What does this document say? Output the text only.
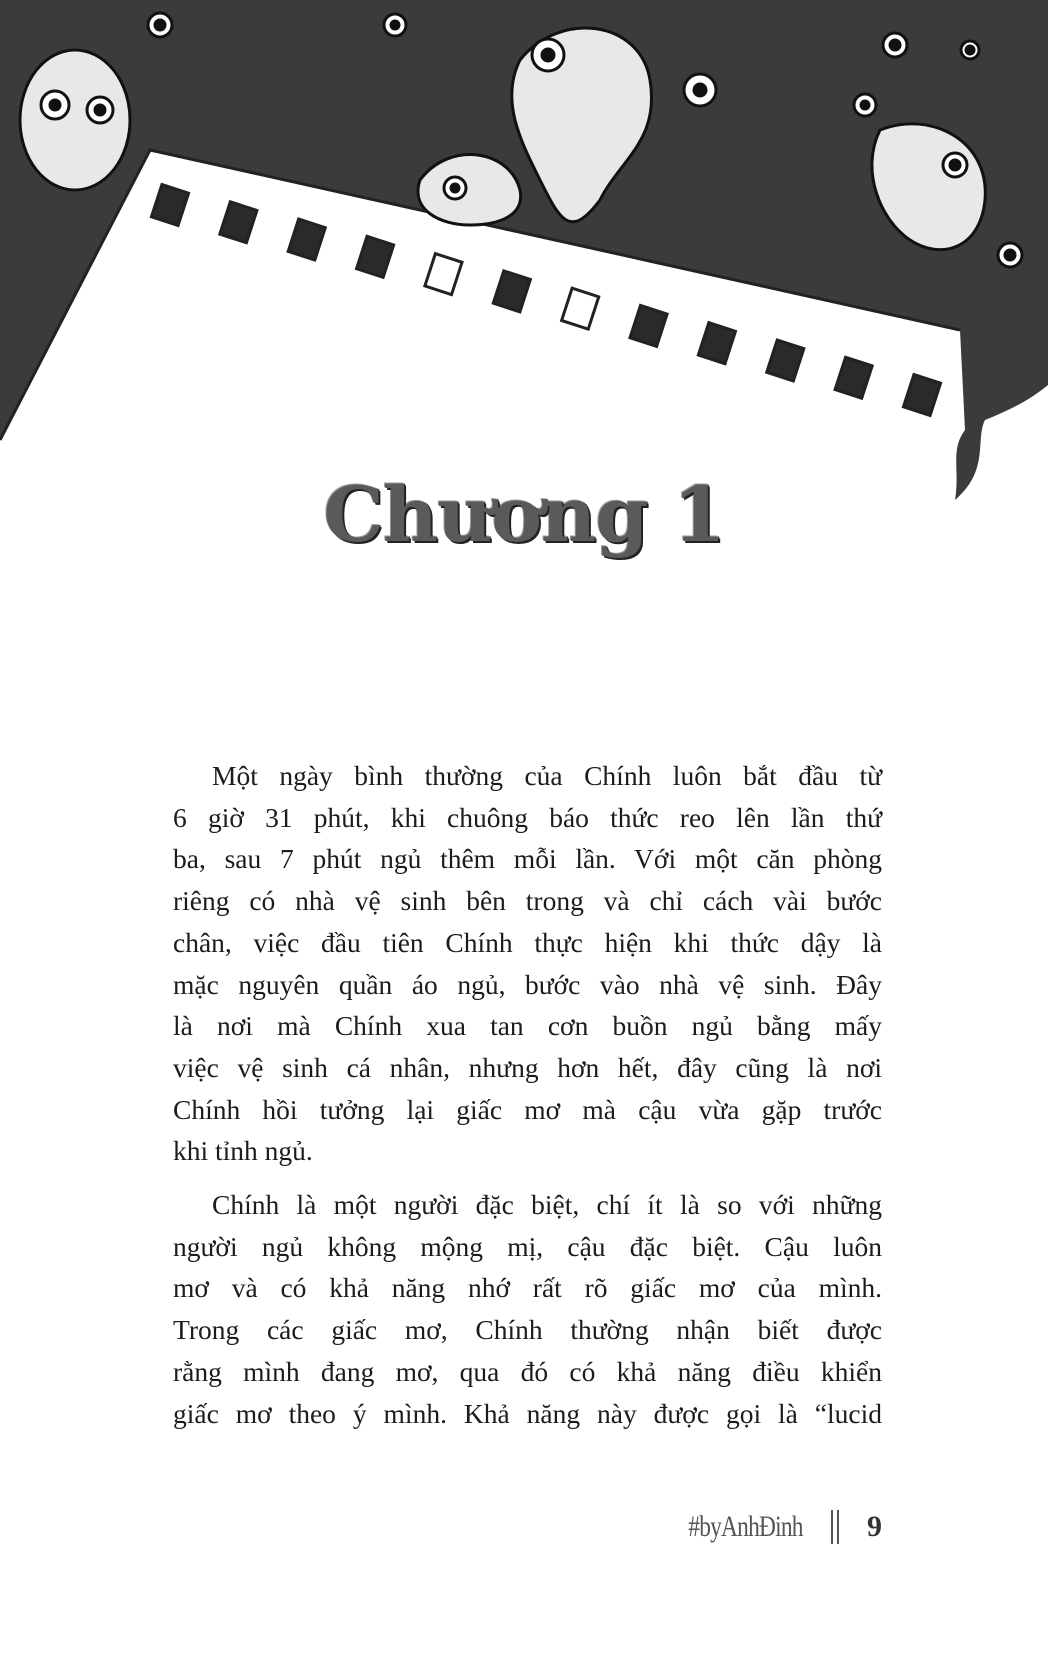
Chương 1
Một ngày bình thường của Chính luôn bắt đầu từ
6 giờ 31 phút, khi chuông báo thức reo lên lần thứ
ba, sau 7 phút ngủ thêm mỗi lần. Với một căn phòng
riêng có nhà vệ sinh bên trong và chỉ cách vài bước
chân, việc đầu tiên Chính thực hiện khi thức dậy là
mặc nguyên quần áo ngủ, bước vào nhà vệ sinh. Đây
là nơi mà Chính xua tan cơn buồn ngủ bằng mấy
việc vệ sinh cá nhân, nhưng hơn hết, đây cũng là nơi
Chính hồi tưởng lại giấc mơ mà cậu vừa gặp trước
khi tỉnh ngủ.
Chính là một người đặc biệt, chí ít là so với những
người ngủ không mộng mị, cậu đặc biệt. Cậu luôn
mơ và có khả năng nhớ rất rõ giấc mơ của mình.
Trong các giấc mơ, Chính thường nhận biết được
rằng mình đang mơ, qua đó có khả năng điều khiển
giấc mơ theo ý mình. Khả năng này được gọi là “lucid
#byAnhĐinh 9
